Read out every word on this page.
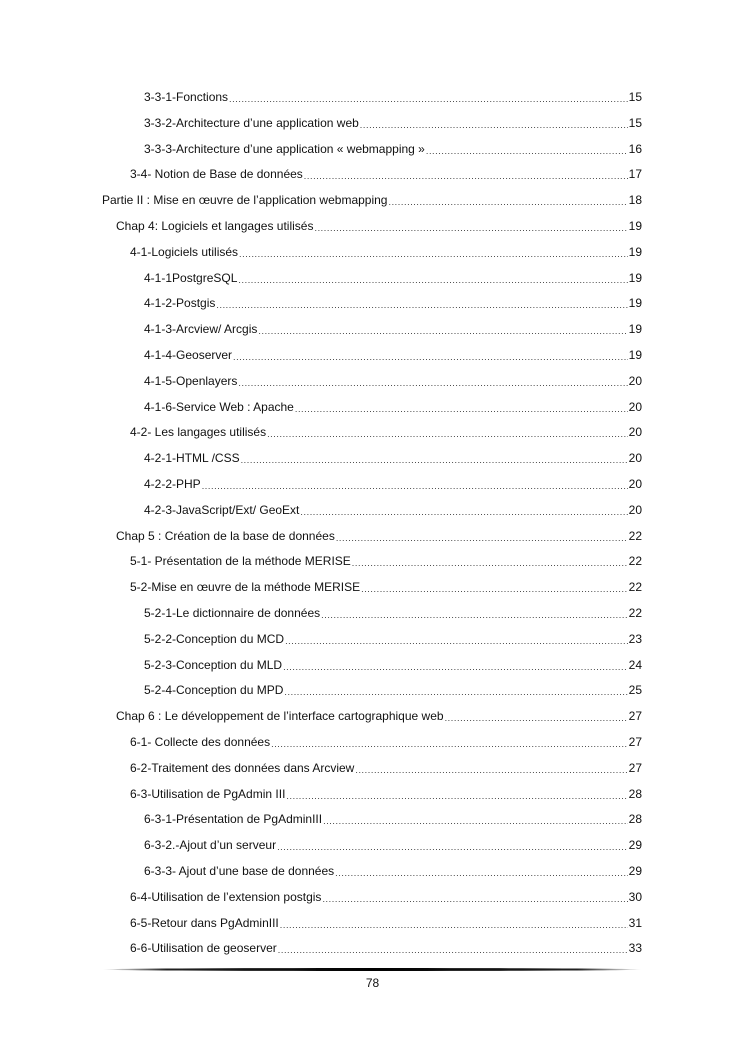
3-3-1-Fonctions .....	15
3-3-2-Architecture d’une application web .....	15
3-3-3-Architecture d’une application « webmapping » .....	16
3-4- Notion de Base de données .....	17
Partie II : Mise en œuvre de l’application webmapping .....	18
Chap 4: Logiciels et langages utilisés .....	19
4-1-Logiciels utilisés .....	19
4-1-1PostgreSQL .....	19
4-1-2-Postgis .....	19
4-1-3-Arcview/ Arcgis .....	19
4-1-4-Geoserver .....	19
4-1-5-Openlayers .....	20
4-1-6-Service Web : Apache .....	20
4-2- Les langages utilisés .....	20
4-2-1-HTML /CSS .....	20
4-2-2-PHP .....	20
4-2-3-JavaScript/Ext/ GeoExt .....	20
Chap 5 : Création de la base de données .....	22
5-1- Présentation de la méthode MERISE .....	22
5-2-Mise en œuvre de la méthode MERISE .....	22
5-2-1-Le dictionnaire de données .....	22
5-2-2-Conception du MCD .....	23
5-2-3-Conception du MLD .....	24
5-2-4-Conception du MPD .....	25
Chap 6 : Le développement de l’interface cartographique web .....	27
6-1- Collecte des données .....	27
6-2-Traitement des données dans Arcview .....	27
6-3-Utilisation de PgAdmin III .....	28
6-3-1-Présentation de PgAdminIII .....	28
6-3-2.-Ajout d’un serveur .....	29
6-3-3- Ajout d’une base de données .....	29
6-4-Utilisation de l’extension postgis .....	30
6-5-Retour dans PgAdminIII .....	31
6-6-Utilisation de geoserver .....	33
78
